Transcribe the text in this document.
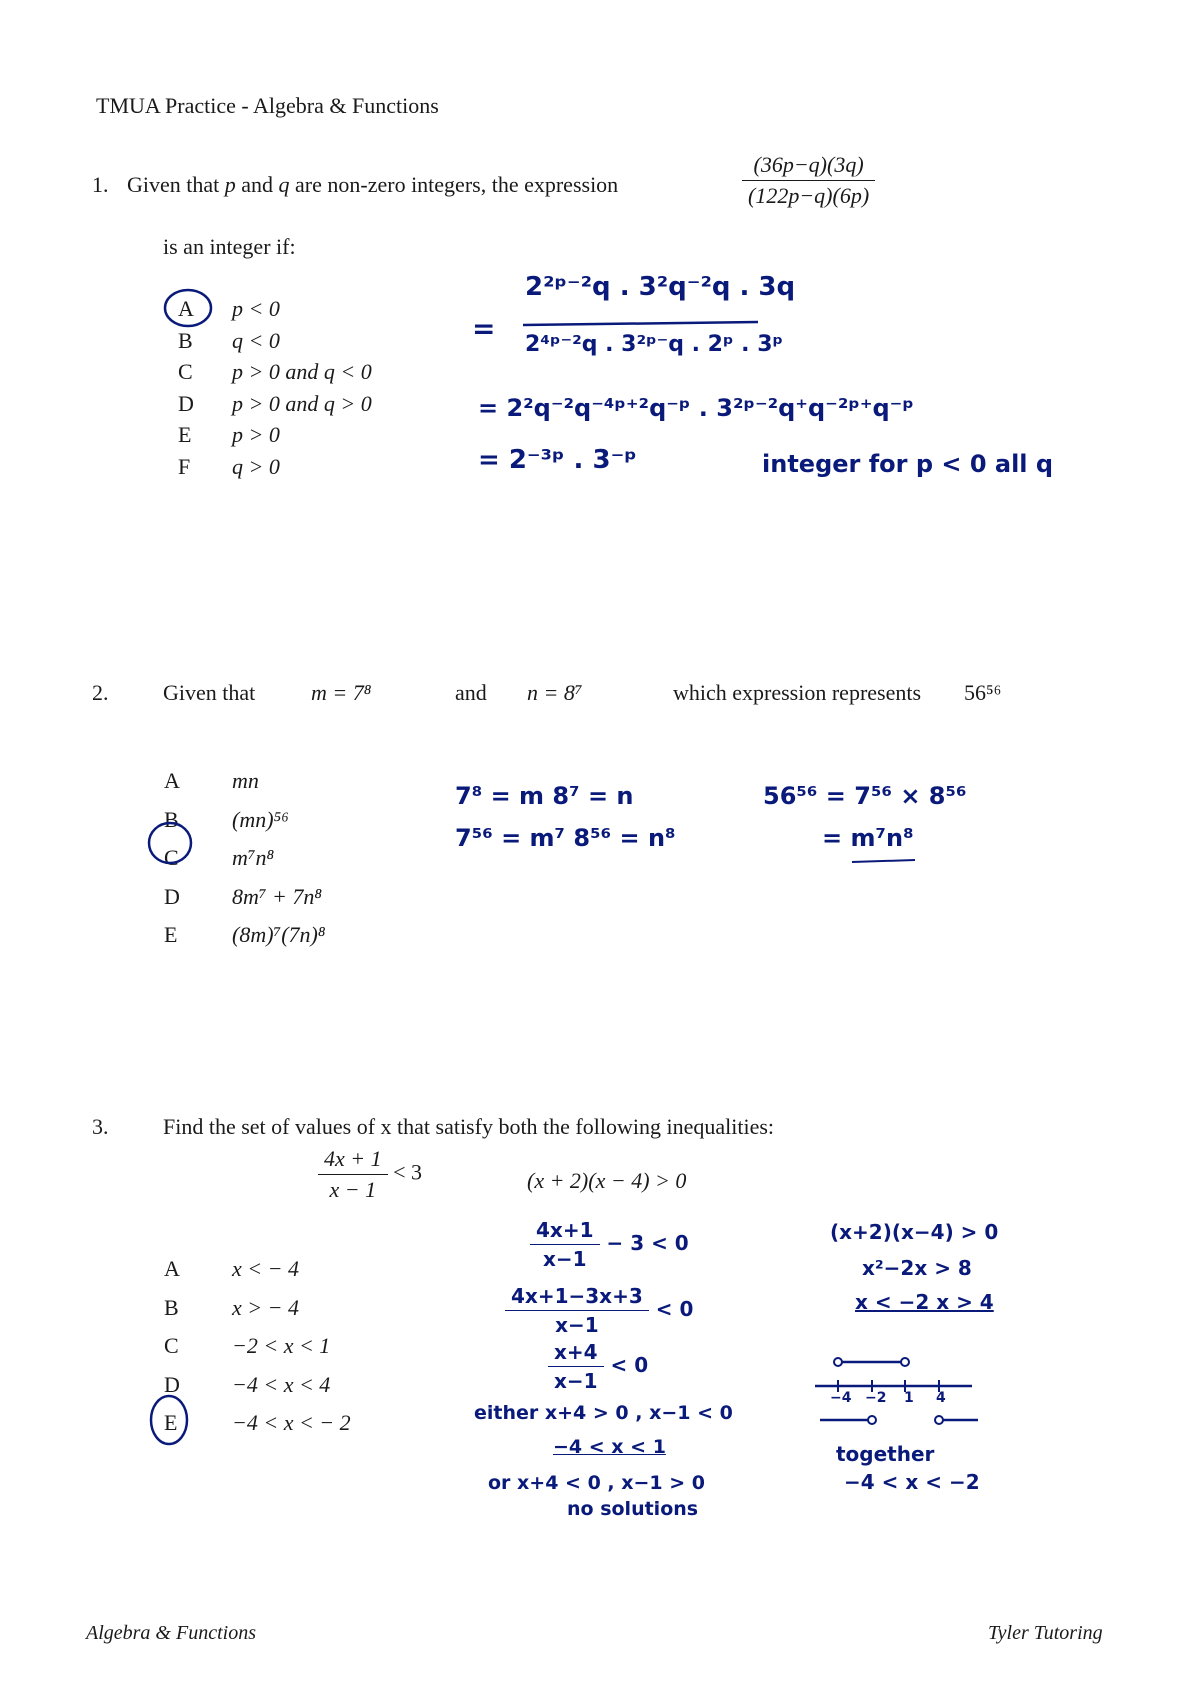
TMUA Practice - Algebra & Functions
1. Given that p and q are non-zero integers, the expression	$\frac{(36p-q)(3q)}{(122p-q)(6p)}$
is an integer if:
A p < 0
B q < 0
C p > 0 and q < 0
D p > 0 and q > 0
E p > 0
F q > 0
=
2²ᵖ⁻²q . 3²q⁻²q . 3q
2⁴ᵖ⁻²q . 3²ᵖ⁻q . 2ᵖ . 3ᵖ
= 2²q⁻²q⁻⁴ᵖ⁺²q⁻ᵖ . 3²ᵖ⁻²q⁺q⁻²ᵖ⁺q⁻ᵖ
= 2⁻³ᵖ . 3⁻ᵖ	integer for p < 0 all q
2. Given that	m = 7⁸	and n = 8⁷	which expression represents 56⁵⁶
A mn
B (mn)⁵⁶
C m⁷n⁸
D 8m⁷ + 7n⁸
E (8m)⁷(7n)⁸
7⁸ = m 8⁷ = n
7⁵⁶ = m⁷ 8⁵⁶ = n⁸
56⁵⁶ = 7⁵⁶ × 8⁵⁶
= m⁷n⁸
3. Find the set of values of x that satisfy both the following inequalities:
$\frac{4x + 1}{x - 1} < 3$	(x + 2)(x − 4) > 0
A x < − 4
B x > − 4
C −2 < x < 1
D −4 < x < 4
E −4 < x < − 2
$\frac{4x+1}{x-1} - 3 < 0$
$\frac{4x+1-3x+3}{x-1} < 0$
$\frac{x+4}{x-1} < 0$
either x+4 > 0 , x−1 < 0
−4 < x < 1
or x+4 < 0 , x−1 > 0
no solutions
(x+2)(x−4) > 0
x²−2x > 8
x < −2 x > 4
−4 −2 1 4
together
−4 < x < −2
Algebra & Functions	Tyler Tutoring
